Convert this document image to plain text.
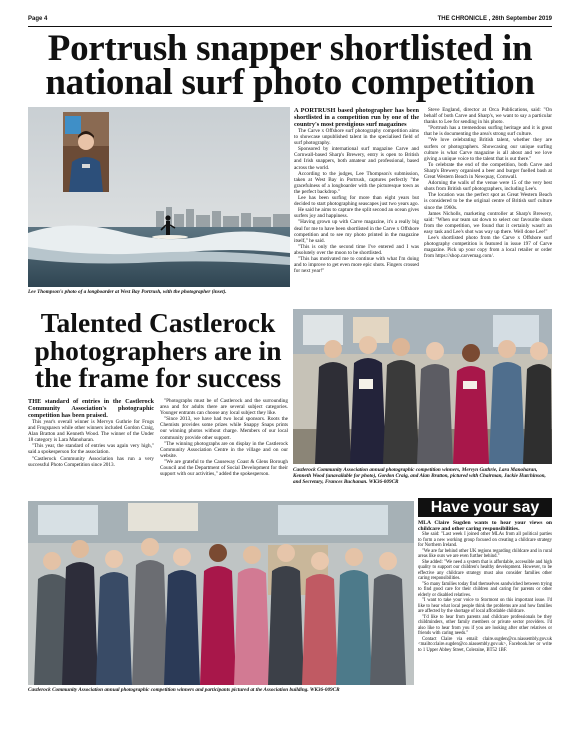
Page 4	THE CHRONICLE , 26th September 2019
Portrush snapper shortlisted in national surf photo competition
Lee Thompson's photo of a longboarder at West Bay Portrush, with the photographer (inset).

A PORTRUSH based photographer has been shortlisted in a competition run by one of the country's most prestigious surf magazines

The Carve x Offshore surf photography competition aims to showcase unpublished talent in the specialised field of surf photography.

Sponsored by international surf magazine Carve and Cornwall-based Sharp's Brewery, entry is open to British and Irish snappers, both amateur and professional, based across the world.

According to the judges, Lee Thompson's submission, taken at West Bay in Portrush, captures perfectly "the gracefulness of a longboarder with the picturesque town as the perfect backdrop."

Lee has been surfing for more than eight years but decided to start photographing seascapes just two years ago.

He said he aims to capture the split second an ocean gives surfers joy and happiness.

"Having grown up with Carve magazine, it's a really big deal for me to have been shortlisted in the Carve x Offshore competition and to see my photo printed in the magazine itself," he said.

"This is only the second time I've entered and I was absolutely over the moon to be shortlisted.

"This has motivated me to continue with what I'm doing and to improve to get even more epic shots. Fingers crossed for next year!"

Steve England, director at Orca Publications, said: "On behalf of both Carve and Sharp's, we want to say a particular thanks to Lee for sending in his photo.

"Portrush has a tremendous surfing heritage and it is great that he is documenting the area's strong surf culture.

"We love celebrating British talent, whether they are surfers or photographers. Showcasing our unique surfing culture is what Carve magazine is all about and we love giving a unique voice to the talent that is out there."

To celebrate the end of the competition, both Carve and Sharp's Brewery organised a beer and burger fuelled bash at Great Western Beach in Newquay, Cornwall.

Adorning the walls of the venue were 15 of the very best shots from British surf photographers, including Lee's.

The location was the perfect spot as Great Western Beach is considered to be the original centre of British surf culture since the 1960s.

James Nicholls, marketing controller at Sharp's Brewery, said: "When our team sat down to select our favourite shots from the competition, we found that it certainly wasn't an easy task and Lee's shot was way up there. Well done Lee!"

Lee's shortlisted photo from the Carve x Offshore surf photography competition is featured in issue 197 of Carve magazine. Pick up your copy from a local retailer or order from https://shop.carvemag.com/.

Talented Castlerock photographers are in the frame for success

THE standard of entries in the Castlerock Community Association's photographic competition has been praised.

This year's overall winner is Mervyn Guthrie for Frogs and Frogspawn while other winners included Gordon Craig, Alan Bratton and Kenneth Wood. The winner of the Under 18 category is Lara Manoharan.

"This year, the standard of entries was again very high," said a spokesperson for the association.

"Castlerock Community Association has run a very successful Photo Competition since 2013.

"Photographs must be of Castlerock and the surrounding area and for adults there are several subject categories. Younger entrants can choose any local subject they like.

"Since 2013, we have had two local sponsors. Roots the Chemists provides some prizes while Snappy Snaps prints our winning photos without charge. Members of our local community provide other support.

"The winning photographs are on display in the Castlerock Community Association Centre in the village and on our website.

"We are grateful to the Causeway Coast & Glens Borough Council and the Department of Social Development for their support with our activities," added the spokesperson.

Castlerock Community Association annual photographic competition winners, Mervyn Guthrie, Lara Manoharan, Kenneth Wood (unavailable for photo), Gordon Craig, and Alan Bratton, pictured with Chairman, Jackie Hutchinson, and Secretary, Frances Buchanan. WK36-009CR
Castlerock Community Association annual photographic competition winners and participants pictured at the Association building. WK36-009CR
Have your say

MLA Claire Sugden wants to hear your views on childcare and other caring responsibilities.

She said: "Last week I joined other MLAs from all political parties to form a new working group focused on creating a childcare strategy for Northern Ireland.

"We are far behind other UK regions regarding childcare and in rural areas like ours we are even further behind."

She added: "We need a system that is affordable, accessible and high quality to support our children's healthy development. However, to be effective any childcare strategy must also consider families other caring responsibilities.

"So many families today find themselves sandwiched between trying to find good care for their children and caring for parents or other elderly or disabled relatives.

"I want to take your voice to Stormont on this important issue. I'd like to hear what local people think the problems are and how families are affected by the shortage of local affordable childcare.

"I'd like to hear from parents and childcare professionals be they childminders, other family members or private sector providers. I'd also like to hear from you if you are looking after other relatives or friends with caring needs."

Contact Claire via email: claire.sugden@co.niassembly.gov.uk <mailto:claire.sugden@co.niassembly.gov.uk>, Facebook.her or write to 1 Upper Abbey Street, Coleraine, BT52 1BF.
